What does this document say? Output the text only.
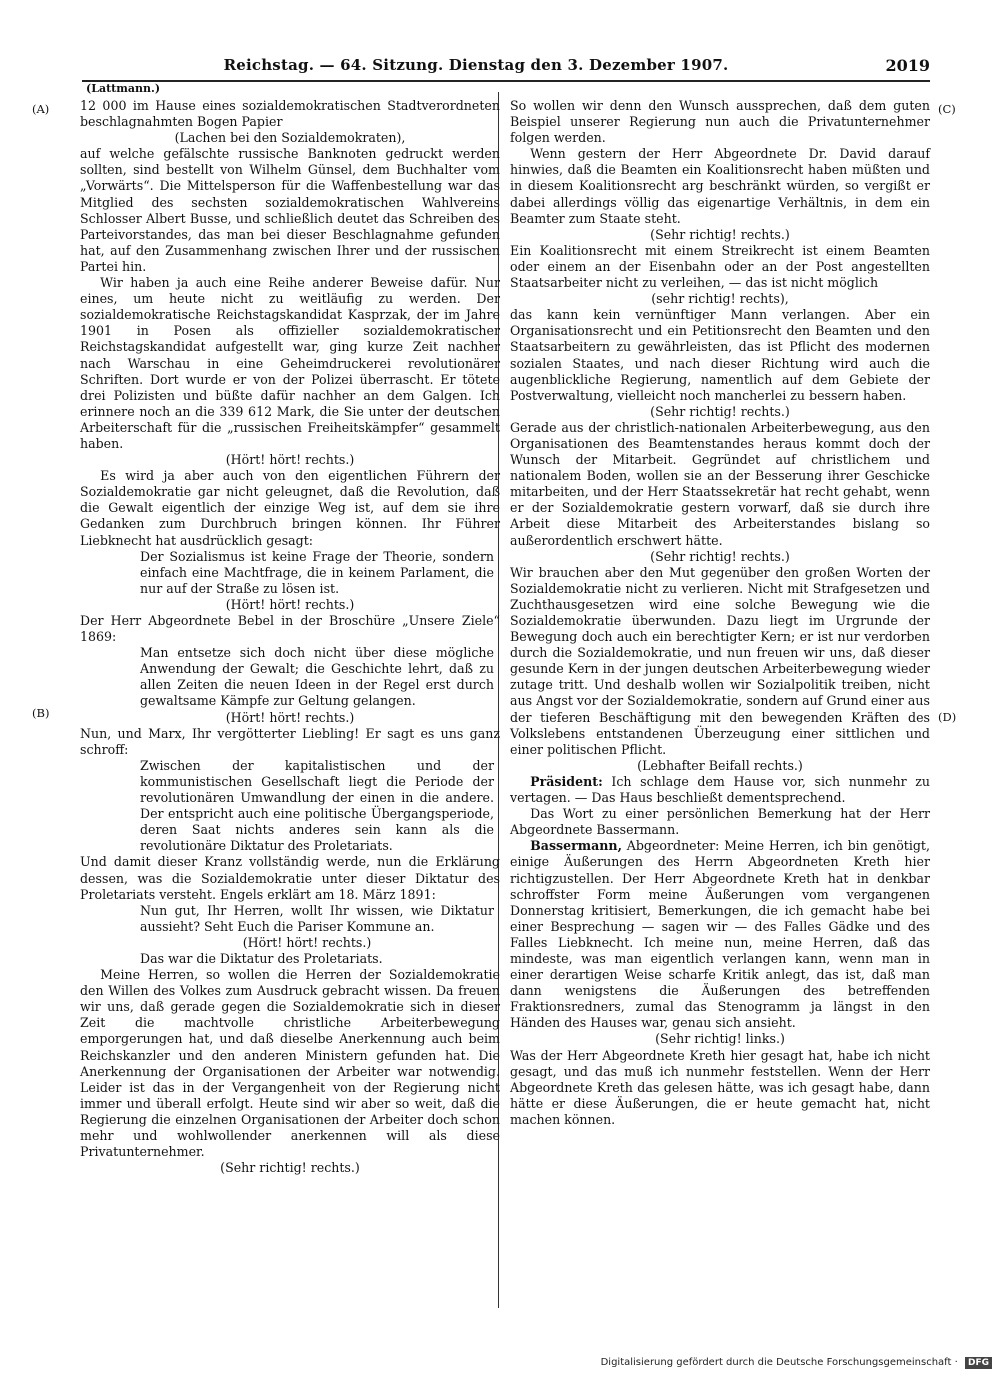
Reichstag. — 64. Sitzung. Dienstag den 3. Dezember 1907.	2019
(Lattmann.)
(A)
(B)
(C)
(D)

12 000 im Hause eines sozialdemokratischen Stadtverordneten beschlagnahmten Bogen Papier

(Lachen bei den Sozialdemokraten),

auf welche gefälschte russische Banknoten gedruckt werden sollten, sind bestellt von Wilhelm Günsel, dem Buchhalter vom „Vorwärts“. Die Mittelsperson für die Waffenbestellung war das Mitglied des sechsten sozialdemokratischen Wahlvereins Schlosser Albert Busse, und schließlich deutet das Schreiben des Parteivorstandes, das man bei dieser Beschlagnahme gefunden hat, auf den Zusammenhang zwischen Ihrer und der russischen Partei hin.

Wir haben ja auch eine Reihe anderer Beweise dafür. Nur eines, um heute nicht zu weitläufig zu werden. Der sozialdemokratische Reichstagskandidat Kasprzak, der im Jahre 1901 in Posen als offizieller sozialdemokratischer Reichstagskandidat aufgestellt war, ging kurze Zeit nachher nach Warschau in eine Geheimdruckerei revolutionärer Schriften. Dort wurde er von der Polizei überrascht. Er tötete drei Polizisten und büßte dafür nachher an dem Galgen. Ich erinnere noch an die 339 612 Mark, die Sie unter der deutschen Arbeiterschaft für die „russischen Freiheitskämpfer“ gesammelt haben.

(Hört! hört! rechts.)

Es wird ja aber auch von den eigentlichen Führern der Sozialdemokratie gar nicht geleugnet, daß die Revolution, daß die Gewalt eigentlich der einzige Weg ist, auf dem sie ihre Gedanken zum Durchbruch bringen können. Ihr Führer Liebknecht hat ausdrücklich gesagt:

Der Sozialismus ist keine Frage der Theorie, sondern einfach eine Machtfrage, die in keinem Parlament, die nur auf der Straße zu lösen ist.

(Hört! hört! rechts.)

Der Herr Abgeordnete Bebel in der Broschüre „Unsere Ziele“ 1869:

Man entsetze sich doch nicht über diese mögliche Anwendung der Gewalt; die Geschichte lehrt, daß zu allen Zeiten die neuen Ideen in der Regel erst durch gewaltsame Kämpfe zur Geltung gelangen.

(Hört! hört! rechts.)

Nun, und Marx, Ihr vergötterter Liebling! Er sagt es uns ganz schroff:

Zwischen der kapitalistischen und der kommunistischen Gesellschaft liegt die Periode der revolutionären Umwandlung der einen in die andere. Der entspricht auch eine politische Übergangsperiode, deren Saat nichts anderes sein kann als die revolutionäre Diktatur des Proletariats.

Und damit dieser Kranz vollständig werde, nun die Erklärung dessen, was die Sozialdemokratie unter dieser Diktatur des Proletariats versteht. Engels erklärt am 18. März 1891:

Nun gut, Ihr Herren, wollt Ihr wissen, wie Diktatur aussieht? Seht Euch die Pariser Kommune an.

(Hört! hört! rechts.)

Das war die Diktatur des Proletariats.

Meine Herren, so wollen die Herren der Sozialdemokratie den Willen des Volkes zum Ausdruck gebracht wissen. Da freuen wir uns, daß gerade gegen die Sozialdemokratie sich in dieser Zeit die machtvolle christliche Arbeiterbewegung emporgerungen hat, und daß dieselbe Anerkennung auch beim Reichskanzler und den anderen Ministern gefunden hat. Die Anerkennung der Organisationen der Arbeiter war notwendig. Leider ist das in der Vergangenheit von der Regierung nicht immer und überall erfolgt. Heute sind wir aber so weit, daß die Regierung die einzelnen Organisationen der Arbeiter doch schon mehr und wohlwollender anerkennen will als diese Privatunternehmer.

(Sehr richtig! rechts.)

So wollen wir denn den Wunsch aussprechen, daß dem guten Beispiel unserer Regierung nun auch die Privatunternehmer folgen werden.

Wenn gestern der Herr Abgeordnete Dr. David darauf hinwies, daß die Beamten ein Koalitionsrecht haben müßten und in diesem Koalitionsrecht arg beschränkt würden, so vergißt er dabei allerdings völlig das eigenartige Verhältnis, in dem ein Beamter zum Staate steht.

(Sehr richtig! rechts.)

Ein Koalitionsrecht mit einem Streikrecht ist einem Beamten oder einem an der Eisenbahn oder an der Post angestellten Staatsarbeiter nicht zu verleihen, — das ist nicht möglich

(sehr richtig! rechts),

das kann kein vernünftiger Mann verlangen. Aber ein Organisationsrecht und ein Petitionsrecht den Beamten und den Staatsarbeitern zu gewährleisten, das ist Pflicht des modernen sozialen Staates, und nach dieser Richtung wird auch die augenblickliche Regierung, namentlich auf dem Gebiete der Postverwaltung, vielleicht noch mancherlei zu bessern haben.

(Sehr richtig! rechts.)

Gerade aus der christlich-nationalen Arbeiterbewegung, aus den Organisationen des Beamtenstandes heraus kommt doch der Wunsch der Mitarbeit. Gegründet auf christlichem und nationalem Boden, wollen sie an der Besserung ihrer Geschicke mitarbeiten, und der Herr Staatssekretär hat recht gehabt, wenn er der Sozialdemokratie gestern vorwarf, daß sie durch ihre Arbeit diese Mitarbeit des Arbeiterstandes bislang so außerordentlich erschwert hätte.

(Sehr richtig! rechts.)

Wir brauchen aber den Mut gegenüber den großen Worten der Sozialdemokratie nicht zu verlieren. Nicht mit Strafgesetzen und Zuchthausgesetzen wird eine solche Bewegung wie die Sozialdemokratie überwunden. Dazu liegt im Urgrunde der Bewegung doch auch ein berechtigter Kern; er ist nur verdorben durch die Sozialdemokratie, und nun freuen wir uns, daß dieser gesunde Kern in der jungen deutschen Arbeiterbewegung wieder zutage tritt. Und deshalb wollen wir Sozialpolitik treiben, nicht aus Angst vor der Sozialdemokratie, sondern auf Grund einer aus der tieferen Beschäftigung mit den bewegenden Kräften des Volkslebens entstandenen Überzeugung einer sittlichen und einer politischen Pflicht.

(Lebhafter Beifall rechts.)

Präsident: Ich schlage dem Hause vor, sich nunmehr zu vertagen. — Das Haus beschließt dementsprechend.

Das Wort zu einer persönlichen Bemerkung hat der Herr Abgeordnete Bassermann.

Bassermann, Abgeordneter: Meine Herren, ich bin genötigt, einige Äußerungen des Herrn Abgeordneten Kreth hier richtigzustellen. Der Herr Abgeordnete Kreth hat in denkbar schroffster Form meine Äußerungen vom vergangenen Donnerstag kritisiert, Bemerkungen, die ich gemacht habe bei einer Besprechung — sagen wir — des Falles Gädke und des Falles Liebknecht. Ich meine nun, meine Herren, daß das mindeste, was man eigentlich verlangen kann, wenn man in einer derartigen Weise scharfe Kritik anlegt, das ist, daß man dann wenigstens die Äußerungen des betreffenden Fraktionsredners, zumal das Stenogramm ja längst in den Händen des Hauses war, genau sich ansieht.

(Sehr richtig! links.)

Was der Herr Abgeordnete Kreth hier gesagt hat, habe ich nicht gesagt, und das muß ich nunmehr feststellen. Wenn der Herr Abgeordnete Kreth das gelesen hätte, was ich gesagt habe, dann hätte er diese Äußerungen, die er heute gemacht hat, nicht machen können.

Digitalisierung gefördert durch die Deutsche Forschungsgemeinschaft · DFG
